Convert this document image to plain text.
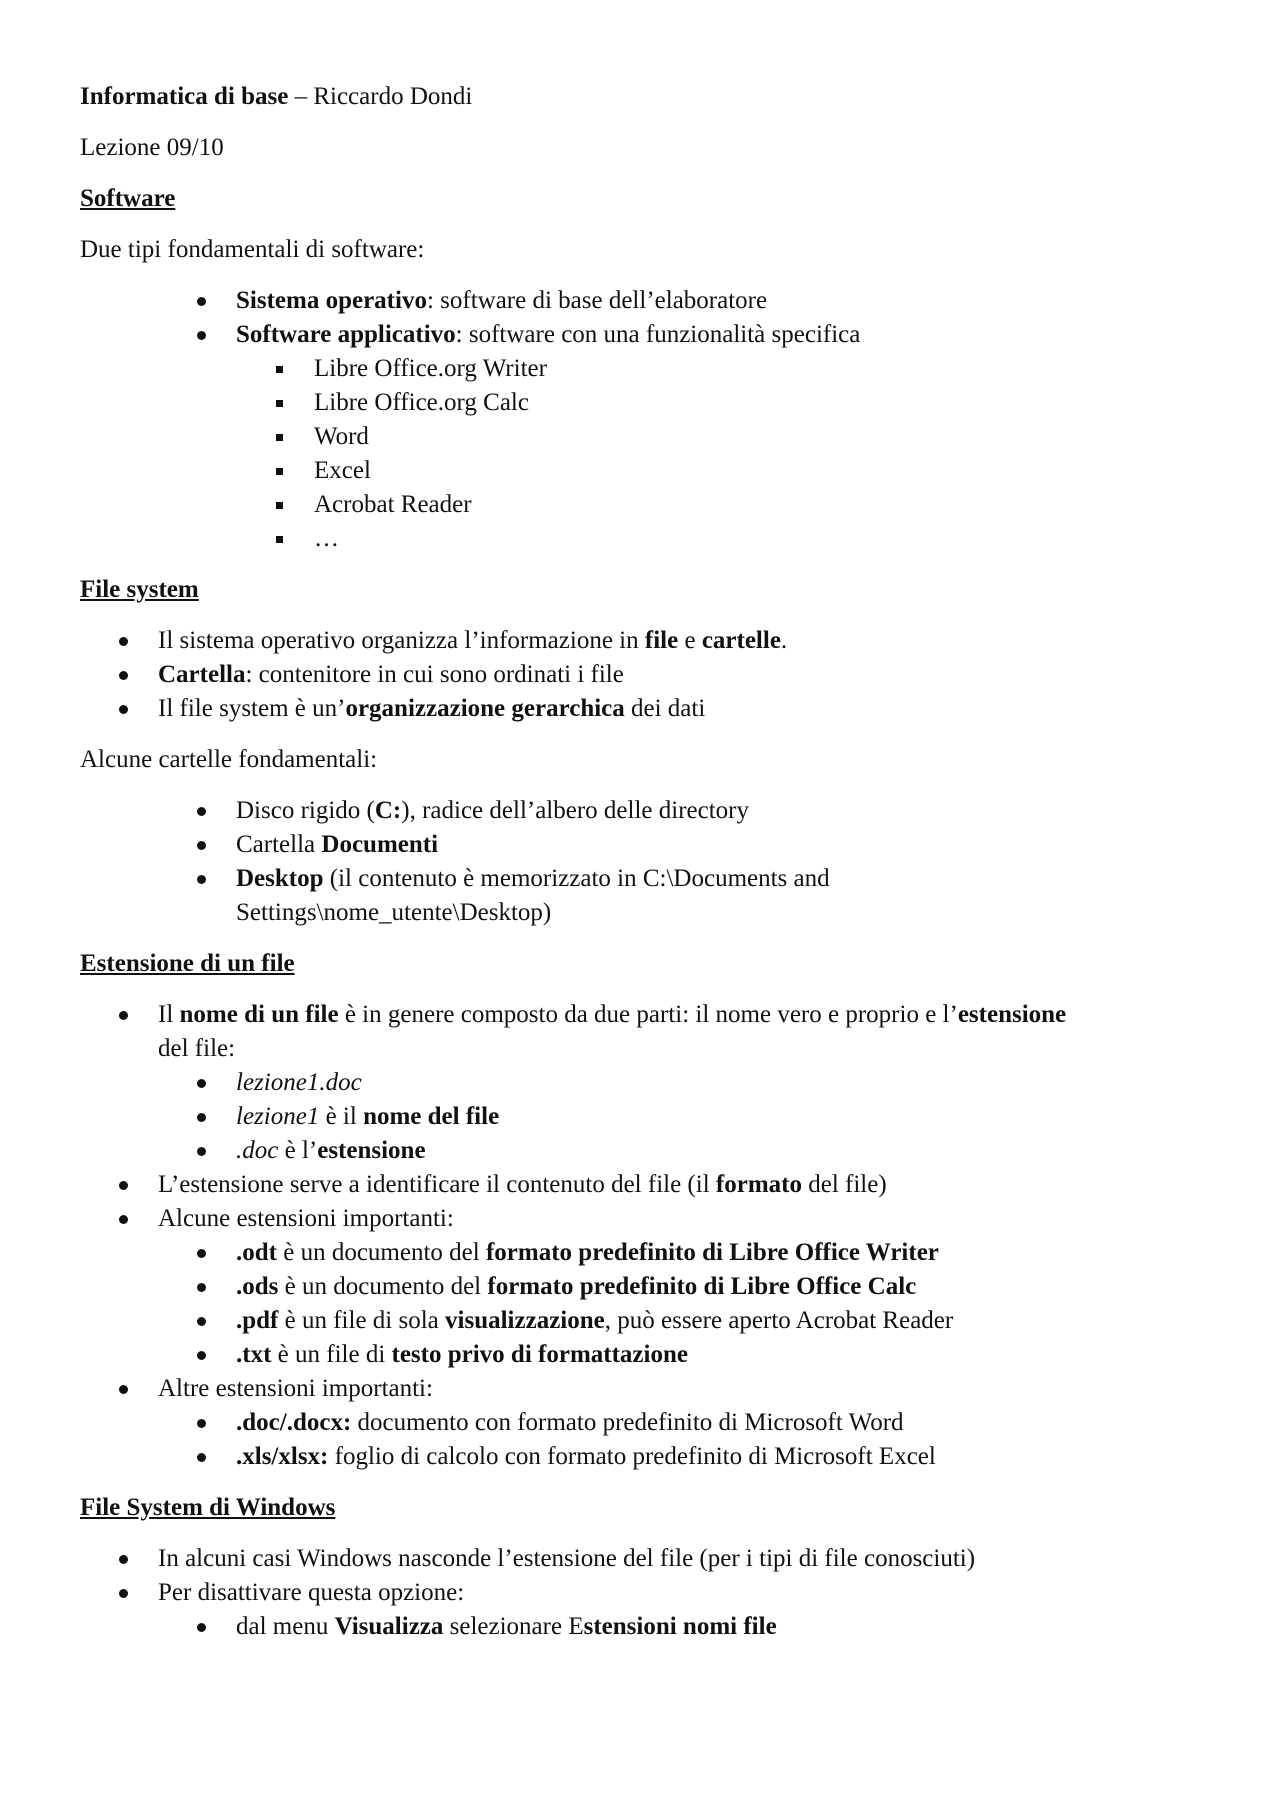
Informatica di base – Riccardo Dondi

Lezione 09/10

Software

Due tipi fondamentali di software:

Sistema operativo: software di base dell’elaboratore
Software applicativo: software con una funzionalità specifica
Libre Office.org Writer
Libre Office.org Calc
Word
Excel
Acrobat Reader
…

File system

Il sistema operativo organizza l’informazione in file e cartelle.
Cartella: contenitore in cui sono ordinati i file
Il file system è un’organizzazione gerarchica dei dati

Alcune cartelle fondamentali:

Disco rigido (C:), radice dell’albero delle directory
Cartella Documenti
Desktop (il contenuto è memorizzato in C:\Documents and
Settings\nome_utente\Desktop)

Estensione di un file

Il nome di un file è in genere composto da due parti: il nome vero e proprio e l’estensione
del file:
lezione1.doc
lezione1 è il nome del file
.doc è l’estensione
L’estensione serve a identificare il contenuto del file (il formato del file)
Alcune estensioni importanti:
.odt è un documento del formato predefinito di Libre Office Writer
.ods è un documento del formato predefinito di Libre Office Calc
.pdf è un file di sola visualizzazione, può essere aperto Acrobat Reader
.txt è un file di testo privo di formattazione
Altre estensioni importanti:
.doc/.docx: documento con formato predefinito di Microsoft Word
.xls/xlsx: foglio di calcolo con formato predefinito di Microsoft Excel

File System di Windows

In alcuni casi Windows nasconde l’estensione del file (per i tipi di file conosciuti)
Per disattivare questa opzione:
dal menu Visualizza selezionare Estensioni nomi file
